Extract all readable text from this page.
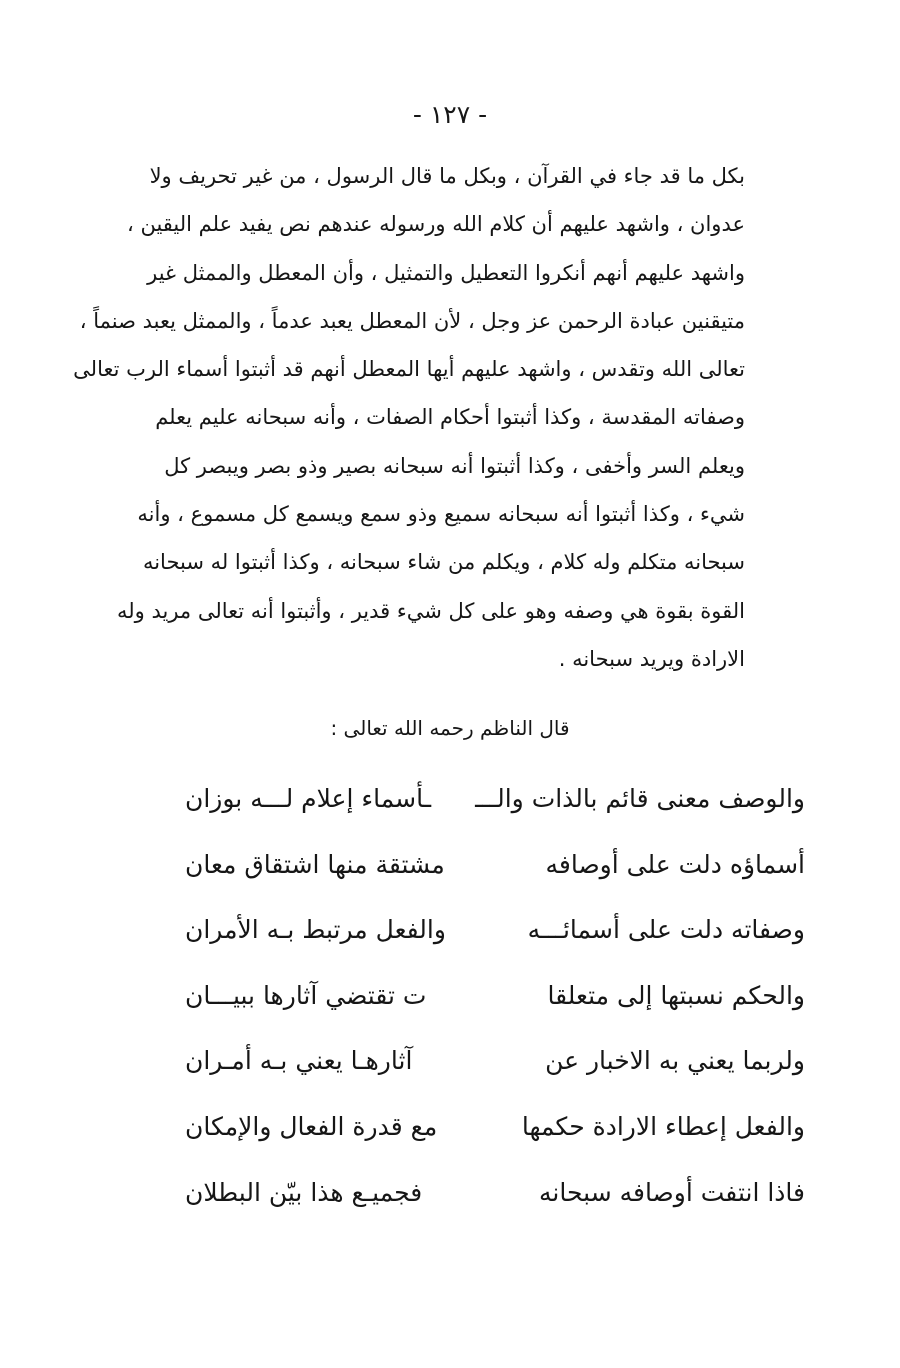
- ١٢٧ -
بكل ما قد جاء في القرآن ، وبكل ما قال الرسول ، من غير تحريف ولا
عدوان ، واشهد عليهم أن كلام الله ورسوله عندهم نص يفيد علم اليقين ،
واشهد عليهم أنهم أنكروا التعطيل والتمثيل ، وأن المعطل والممثل غير
متيقنين عبادة الرحمن عز وجل ، لأن المعطل يعبد عدماً ، والممثل يعبد صنماً ،
تعالى الله وتقدس ، واشهد عليهم أيها المعطل أنهم قد أثبتوا أسماء الرب تعالى
وصفاته المقدسة ، وكذا أثبتوا أحكام الصفات ، وأنه سبحانه عليم يعلم
ويعلم السر وأخفى ، وكذا أثبتوا أنه سبحانه بصير وذو بصر ويبصر كل
شيء ، وكذا أثبتوا أنه سبحانه سميع وذو سمع ويسمع كل مسموع ، وأنه
سبحانه متكلم وله كلام ، ويكلم من شاء سبحانه ، وكذا أثبتوا له سبحانه
القوة بقوة هي وصفه وهو على كل شيء قدير ، وأثبتوا أنه تعالى مريد وله
الارادة ويريد سبحانه .
قال الناظم رحمه الله تعالى :
والوصف معنى قائم بالذات والـــ
ـأسماء إعلام لـــه بوزان
أسماؤه دلت على أوصافه
مشتقة منها اشتقاق معان
وصفاته دلت على أسمائـــه
والفعل مرتبط بـه الأمران
والحكم نسبتها إلى متعلقا
ت تقتضي آثارها ببيـــان
ولربما يعني به الاخبار عن
آثارهـا يعني بـه أمـران
والفعل إعطاء الارادة حكمها
مع قدرة الفعال والإمكان
فاذا انتفت أوصافه سبحانه
فجميـع هذا بيّن البطلان
